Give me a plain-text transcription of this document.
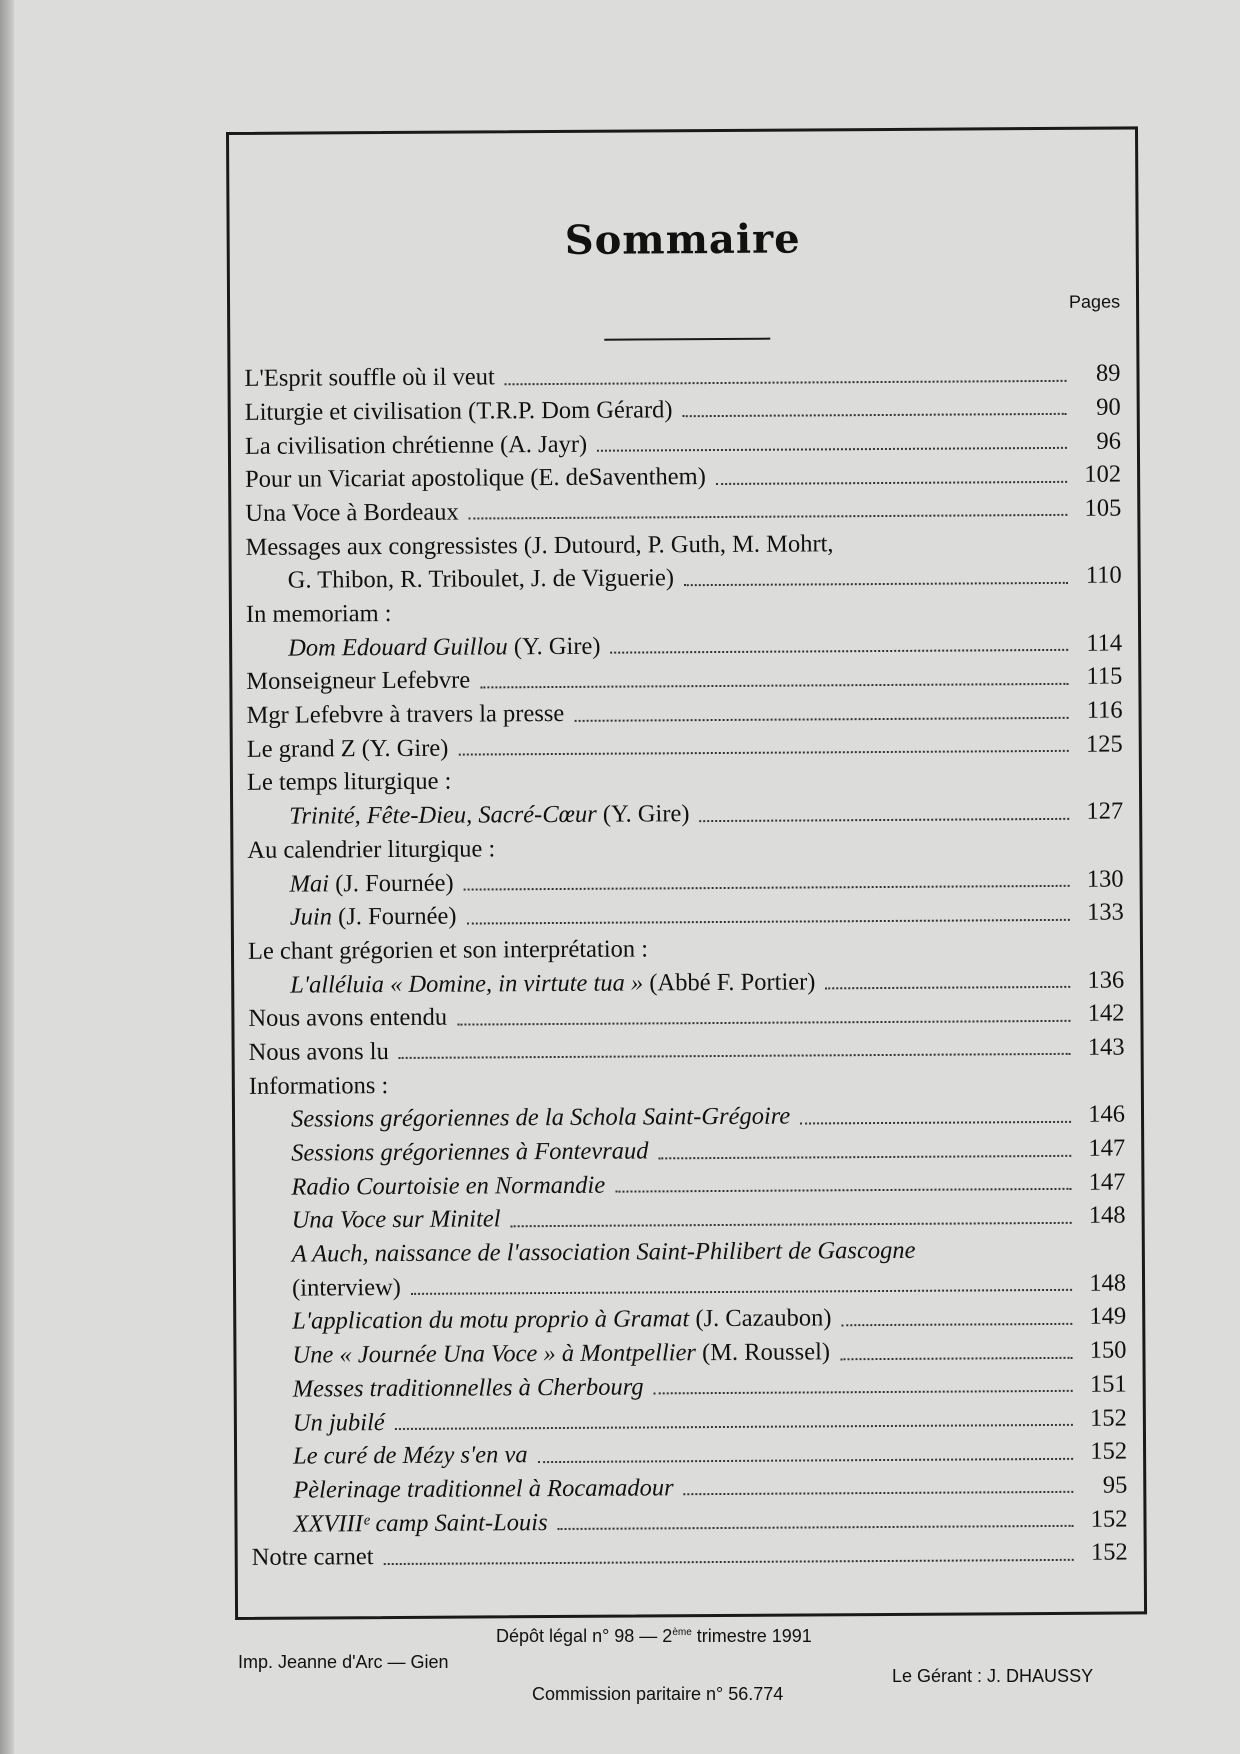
Sommaire
Pages
L'Esprit souffle où il veut	89
Liturgie et civilisation (T.R.P. Dom Gérard)	90
La civilisation chrétienne (A. Jayr)	96
Pour un Vicariat apostolique (E. deSaventhem)	102
Una Voce à Bordeaux	105
Messages aux congressistes (J. Dutourd, P. Guth, M. Mohrt,
G. Thibon, R. Triboulet, J. de Viguerie)	110
In memoriam :
Dom Edouard Guillou (Y. Gire)	114
Monseigneur Lefebvre	115
Mgr Lefebvre à travers la presse	116
Le grand Z (Y. Gire)	125
Le temps liturgique :
Trinité, Fête-Dieu, Sacré-Cœur (Y. Gire)	127
Au calendrier liturgique :
Mai (J. Fournée)	130
Juin (J. Fournée)	133
Le chant grégorien et son interprétation :
L'alléluia « Domine, in virtute tua » (Abbé F. Portier)	136
Nous avons entendu	142
Nous avons lu	143
Informations :
Sessions grégoriennes de la Schola Saint-Grégoire	146
Sessions grégoriennes à Fontevraud	147
Radio Courtoisie en Normandie	147
Una Voce sur Minitel	148
A Auch, naissance de l'association Saint-Philibert de Gascogne
(interview)	148
L'application du motu proprio à Gramat (J. Cazaubon)	149
Une « Journée Una Voce » à Montpellier (M. Roussel)	150
Messes traditionnelles à Cherbourg	151
Un jubilé	152
Le curé de Mézy s'en va	152
Pèlerinage traditionnel à Rocamadour	95
XXVIIIᵉ camp Saint-Louis	152
Notre carnet	152
Dépôt légal n° 98 — 2ème trimestre 1991
Imp. Jeanne d'Arc — Gien
Le Gérant : J. DHAUSSY
Commission paritaire n° 56.774
